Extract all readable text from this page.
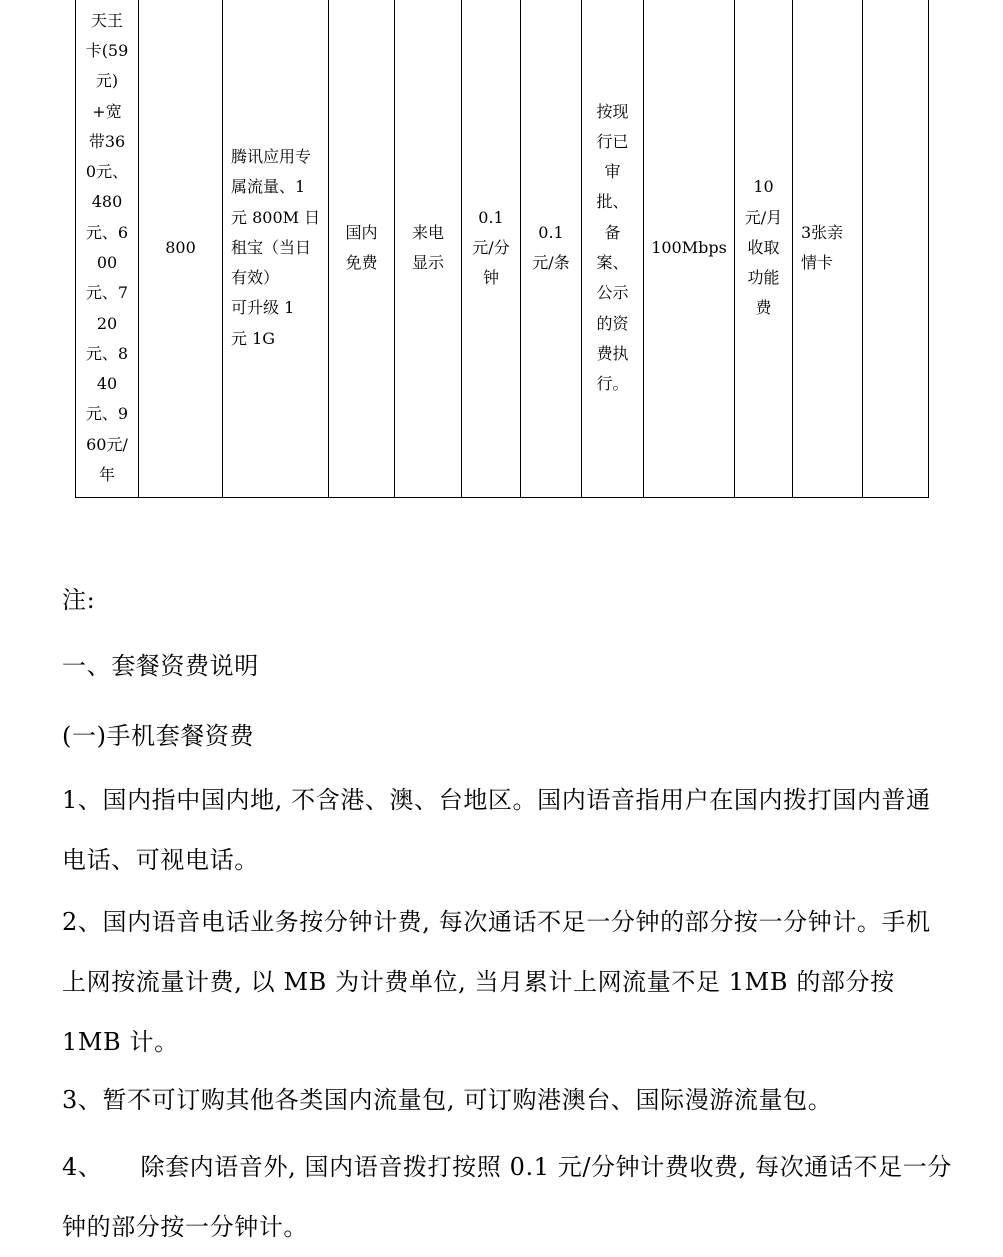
天王卡(59元)+宽带360元、480元、600元、720元、840元、960元/年	800	
腾讯应用专
属流量、1
元 800M 日
租宝（当日
有效）
可升级 1
元 1G
	国内免费	来电显示	0.1元/分钟	0.1元/条	按现行已审批、备案、公示的资费执行。	100Mbps	10元/月收取功能费	3张亲情卡	
注:
一、套餐资费说明
(一)手机套餐资费
1、国内指中国内地, 不含港、澳、台地区。国内语音指用户在国内拨打国内普通电话、可视电话。
2、国内语音电话业务按分钟计费, 每次通话不足一分钟的部分按一分钟计。手机上网按流量计费, 以 MB 为计费单位, 当月累计上网流量不足 1MB 的部分按 1MB 计。
3、暂不可订购其他各类国内流量包, 可订购港澳台、国际漫游流量包。
4、 除套内语音外, 国内语音拨打按照 0.1 元/分钟计费收费, 每次通话不足一分钟的部分按一分钟计。
